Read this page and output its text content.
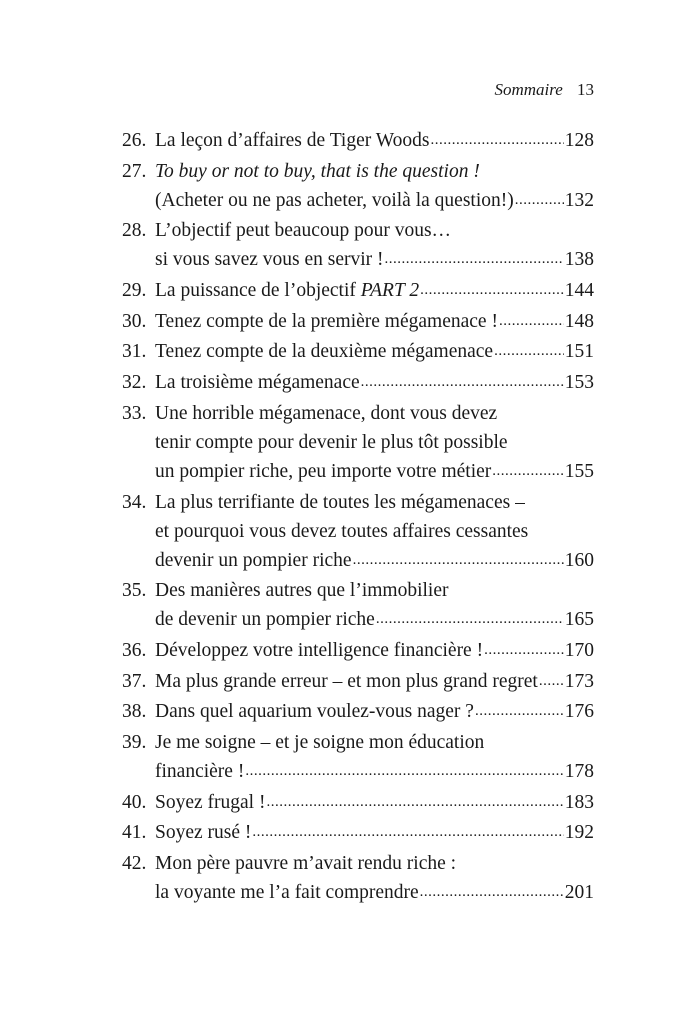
Sommaire 13
26. La leçon d’affaires de Tiger Woods .....	128
27. To buy or not to buy, that is the question !
(Acheter ou ne pas acheter, voilà la question!) .....	132
28. L’objectif peut beaucoup pour vous…
si vous savez vous en servir ! .....	138
29. La puissance de l’objectif PART 2 .....	144
30. Tenez compte de la première mégamenace ! .....	148
31. Tenez compte de la deuxième mégamenace .....	151
32. La troisième mégamenace .....	153
33. Une horrible mégamenace, dont vous devez
tenir compte pour devenir le plus tôt possible
un pompier riche, peu importe votre métier .....	155
34. La plus terrifiante de toutes les mégamenaces –
et pourquoi vous devez toutes affaires cessantes
devenir un pompier riche .....	160
35. Des manières autres que l’immobilier
de devenir un pompier riche .....	165
36. Développez votre intelligence financière ! .....	170
37. Ma plus grande erreur – et mon plus grand regret ..... 173
38. Dans quel aquarium voulez-vous nager ? .....	176
39. Je me soigne – et je soigne mon éducation
financière ! .....	178
40. Soyez frugal ! .....	183
41. Soyez rusé ! .....	192
42. Mon père pauvre m’avait rendu riche :
la voyante me l’a fait comprendre .....	201
